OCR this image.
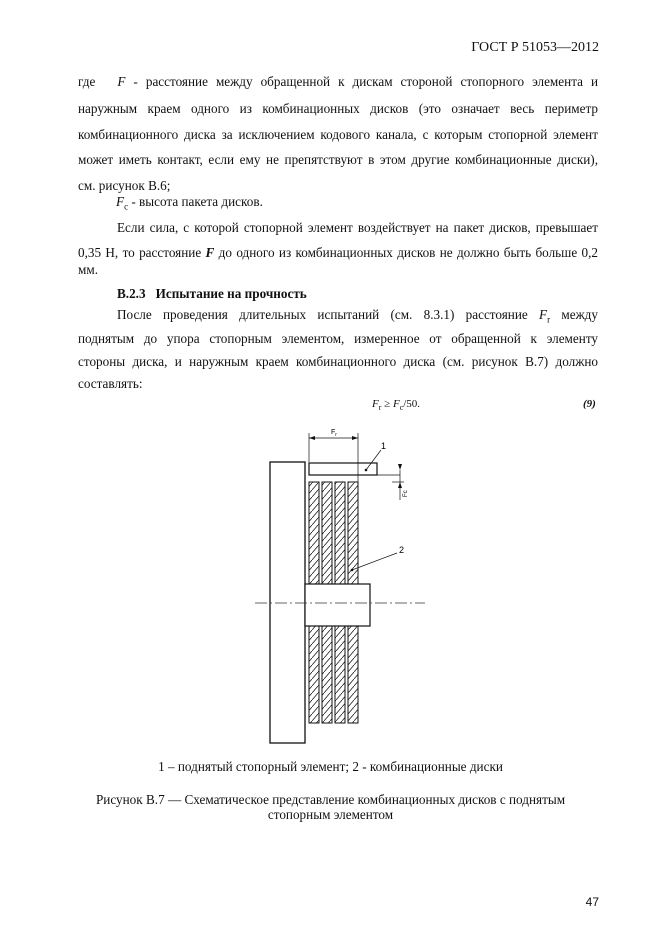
ГОСТ Р 51053—2012
где F - расстояние между обращенной к дискам стороной стопорного элемента и
наружным краем одного из комбинационных дисков (это означает весь периметр
комбинационного диска за исключением кодового канала, с которым стопорной элемент
может иметь контакт, если ему не препятствуют в этом другие комбинационные диски),
см. рисунок В.6;
$F_c$ - высота пакета дисков.
Если сила, с которой стопорной элемент воздействует на пакет дисков, превышает
0,35 Н, то расстояние F до одного из комбинационных дисков не должно быть больше 0,2
мм.
В.2.3 Испытание на прочность
После проведения длительных испытаний (см. 8.3.1) расстояние $F_r$ между
поднятым до упора стопорным элементом, измеренное от обращенной к элементу
стороны диска, и наружным краем комбинационного диска (см. рисунок В.7) должно
составлять:
$F_r \ge F_c/50$.	(9)
$F_r$
1
Fc
2
1 – поднятый стопорный элемент; 2 - комбинационные диски
Рисунок В.7 — Схематическое представление комбинационных дисков с поднятым
стопорным элементом
47
